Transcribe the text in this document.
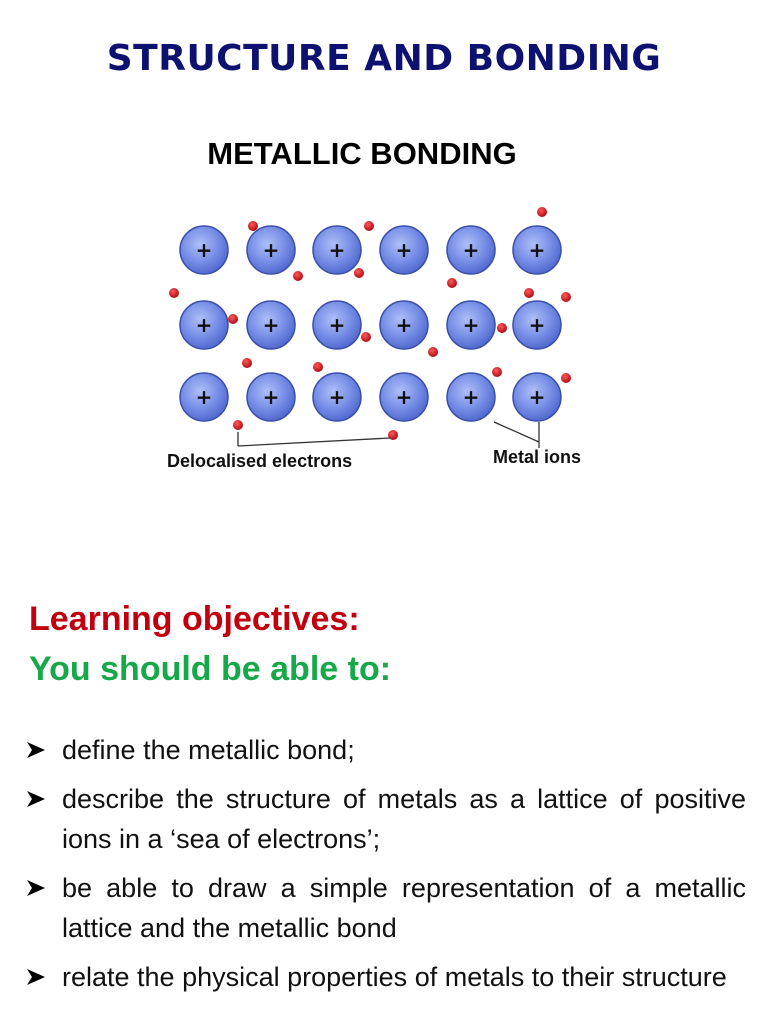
STRUCTURE AND BONDING
METALLIC BONDING
+	+ +	+	+ +
+	+ +	+	+ +
+	+ +	+	+ +
Delocalised electrons	Metal ions
Learning objectives:
You should be able to:
define the metallic bond;
describe the structure of metals as a lattice of positive ions in a ‘sea of electrons’;
be able to draw a simple representation of a metallic lattice and the metallic bond
relate the physical properties of metals to their structure
